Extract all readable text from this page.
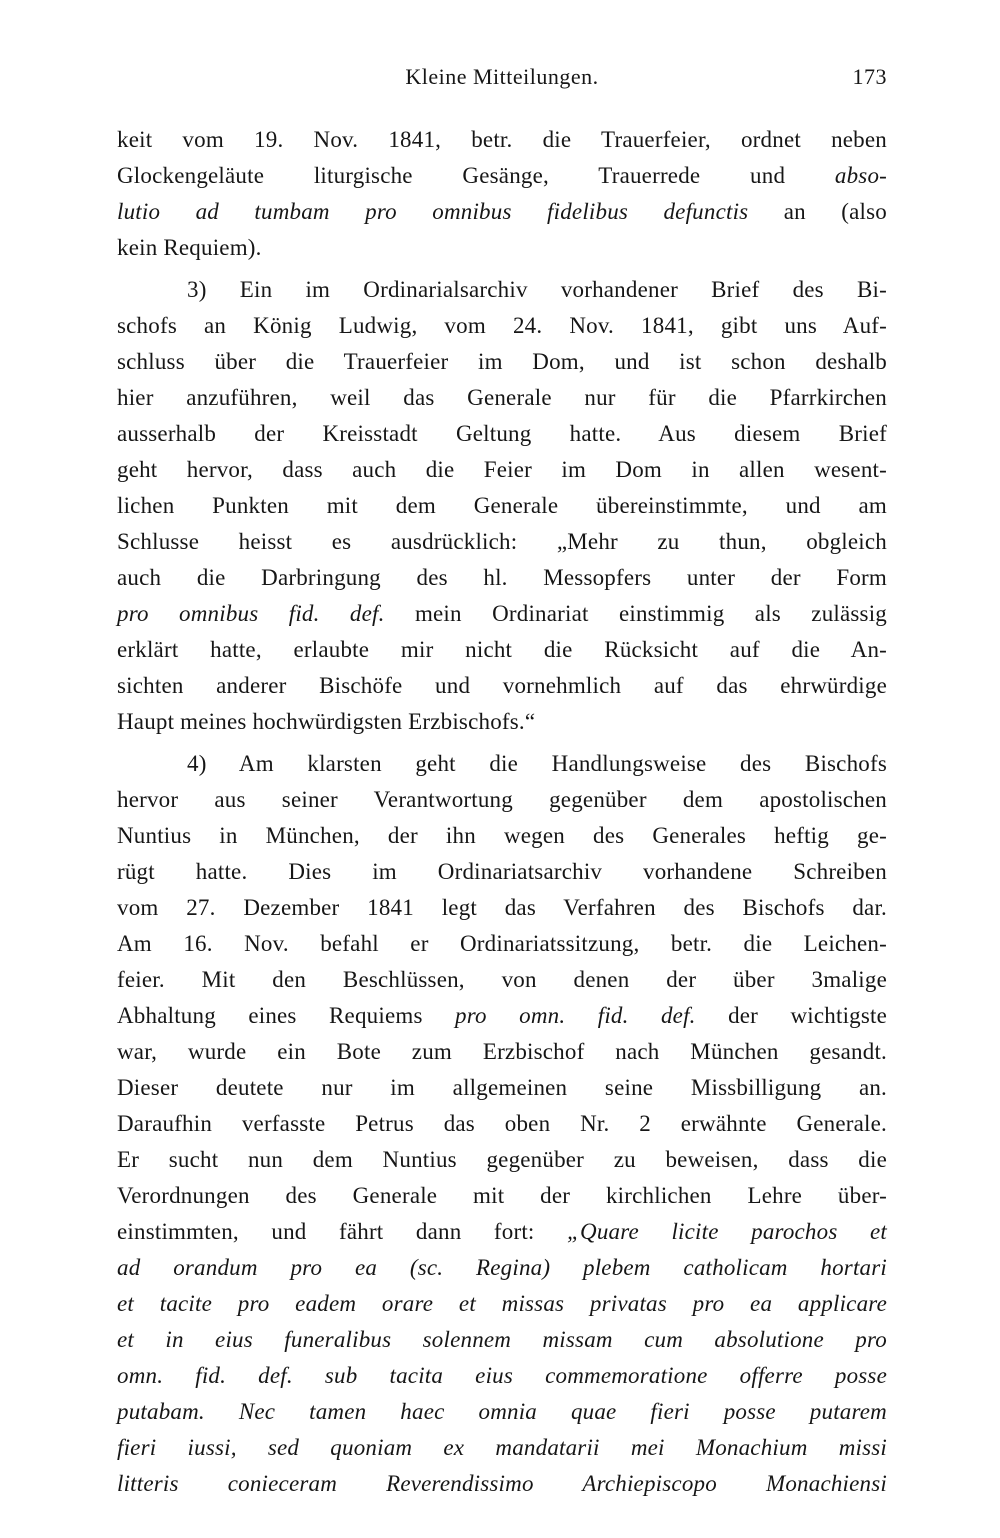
Kleine Mitteilungen.	173
keit vom 19. Nov. 1841, betr. die Trauerfeier, ordnet neben
Glockengeläute liturgische Gesänge, Trauerrede und abso-
lutio ad tumbam pro omnibus fidelibus defunctis an (also
kein Requiem).
3) Ein im Ordinarialsarchiv vorhandener Brief des Bi-
schofs an König Ludwig, vom 24. Nov. 1841, gibt uns Auf-
schluss über die Trauerfeier im Dom, und ist schon deshalb
hier anzuführen, weil das Generale nur für die Pfarrkirchen
ausserhalb der Kreisstadt Geltung hatte. Aus diesem Brief
geht hervor, dass auch die Feier im Dom in allen wesent-
lichen Punkten mit dem Generale übereinstimmte, und am
Schlusse heisst es ausdrücklich: „Mehr zu thun, obgleich
auch die Darbringung des hl. Messopfers unter der Form
pro omnibus fid. def. mein Ordinariat einstimmig als zulässig
erklärt hatte, erlaubte mir nicht die Rücksicht auf die An-
sichten anderer Bischöfe und vornehmlich auf das ehrwürdige
Haupt meines hochwürdigsten Erzbischofs.“
4) Am klarsten geht die Handlungsweise des Bischofs
hervor aus seiner Verantwortung gegenüber dem apostolischen
Nuntius in München, der ihn wegen des Generales heftig ge-
rügt hatte. Dies im Ordinariatsarchiv vorhandene Schreiben
vom 27. Dezember 1841 legt das Verfahren des Bischofs dar.
Am 16. Nov. befahl er Ordinariatssitzung, betr. die Leichen-
feier. Mit den Beschlüssen, von denen der über 3malige
Abhaltung eines Requiems pro omn. fid. def. der wichtigste
war, wurde ein Bote zum Erzbischof nach München gesandt.
Dieser deutete nur im allgemeinen seine Missbilligung an.
Daraufhin verfasste Petrus das oben Nr. 2 erwähnte Generale.
Er sucht nun dem Nuntius gegenüber zu beweisen, dass die
Verordnungen des Generale mit der kirchlichen Lehre über-
einstimmten, und fährt dann fort: „Quare licite parochos et
ad orandum pro ea (sc. Regina) plebem catholicam hortari
et tacite pro eadem orare et missas privatas pro ea applicare
et in eius funeralibus solennem missam cum absolutione pro
omn. fid. def. sub tacita eius commemoratione offerre posse
putabam. Nec tamen haec omnia quae fieri posse putarem
fieri iussi, sed quoniam ex mandatarii mei Monachium missi
litteris conieceram Reverendissimo Archiepiscopo Monachiensi
